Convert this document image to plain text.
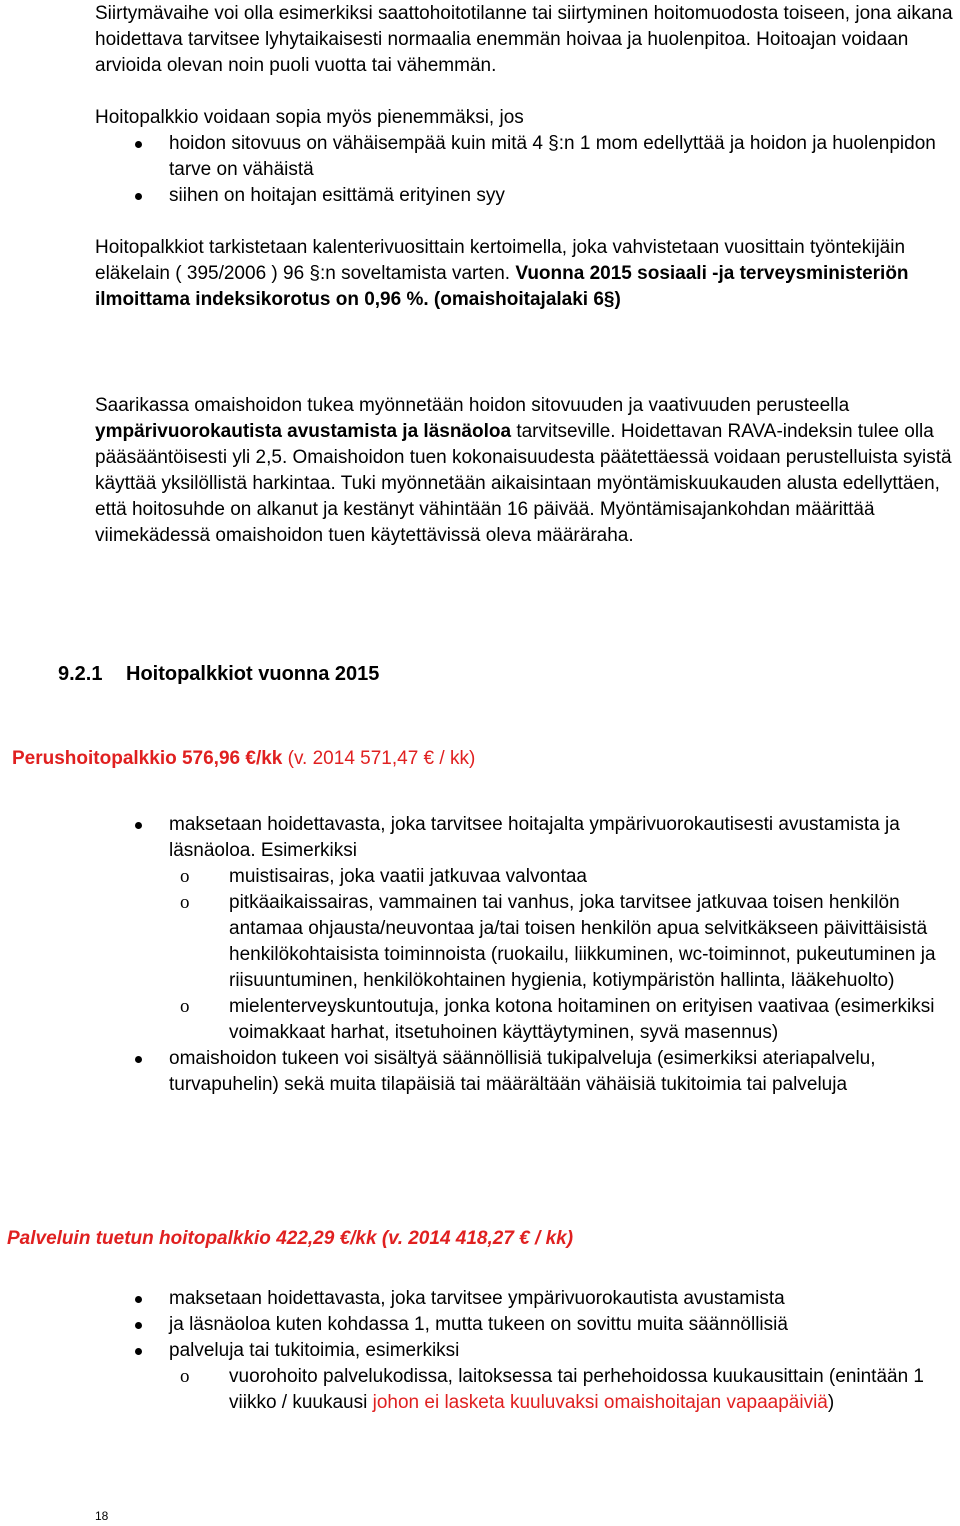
Siirtymävaihe voi olla esimerkiksi saattohoitotilanne tai siirtyminen hoitomuodosta toiseen, jona aikana hoidettava tarvitsee lyhytaikaisesti normaalia enemmän hoivaa ja huolenpitoa. Hoitoajan voidaan arvioida olevan noin puoli vuotta tai vähemmän.

Hoitopalkkio voidaan sopia myös pienemmäksi, jos

hoidon sitovuus on vähäisempää kuin mitä 4 §:n 1 mom edellyttää ja hoidon ja huolenpidon tarve on vähäistä
siihen on hoitajan esittämä erityinen syy

Hoitopalkkiot tarkistetaan kalenterivuosittain kertoimella, joka vahvistetaan vuosittain työntekijäin eläkelain ( 395/2006 ) 96 §:n soveltamista varten. Vuonna 2015 sosiaali -ja terveysministeriön ilmoittama indeksikorotus on 0,96 %. (omaishoitajalaki 6§)

Saarikassa omaishoidon tukea myönnetään hoidon sitovuuden ja vaativuuden perusteella ympärivuorokautista avustamista ja läsnäoloa tarvitseville. Hoidettavan RAVA-indeksin tulee olla pääsääntöisesti yli 2,5. Omaishoidon tuen kokonaisuudesta päätettäessä voidaan perustelluista syistä käyttää yksilöllistä harkintaa. Tuki myönnetään aikaisintaan myöntämiskuukauden alusta edellyttäen, että hoitosuhde on alkanut ja kestänyt vähintään 16 päivää. Myöntämisajankohdan määrittää viimekädessä omaishoidon tuen käytettävissä oleva määräraha.

9.2.1 Hoitopalkkiot vuonna 2015
Perushoitopalkkio 576,96 €/kk (v. 2014 571,47 € / kk)
maksetaan hoidettavasta, joka tarvitsee hoitajalta ympärivuorokautisesti avustamista ja läsnäoloa. Esimerkiksi
o muistisairas, joka vaatii jatkuvaa valvontaa
o pitkäaikaissairas, vammainen tai vanhus, joka tarvitsee jatkuvaa toisen henkilön antamaa ohjausta/neuvontaa ja/tai toisen henkilön apua selvitkäkseen päivittäisistä henkilökohtaisista toiminnoista (ruokailu, liikkuminen, wc-toiminnot, pukeutuminen ja riisuuntuminen, henkilökohtainen hygienia, kotiympäristön hallinta, lääkehuolto)
o mielenterveyskuntoutuja, jonka kotona hoitaminen on erityisen vaativaa (esimerkiksi voimakkaat harhat, itsetuhoinen käyttäytyminen, syvä masennus)
omaishoidon tukeen voi sisältyä säännöllisiä tukipalveluja (esimerkiksi ateriapalvelu, turvapuhelin) sekä muita tilapäisiä tai määrältään vähäisiä tukitoimia tai palveluja
Palveluin tuetun hoitopalkkio 422,29 €/kk (v. 2014 418,27 € / kk)
maksetaan hoidettavasta, joka tarvitsee ympärivuorokautista avustamista
ja läsnäoloa kuten kohdassa 1, mutta tukeen on sovittu muita säännöllisiä
palveluja tai tukitoimia, esimerkiksi
o vuorohoito palvelukodissa, laitoksessa tai perhehoidossa kuukausittain (enintään 1 viikko / kuukausi johon ei lasketa kuuluvaksi omaishoitajan vapaapäiviä)
18
